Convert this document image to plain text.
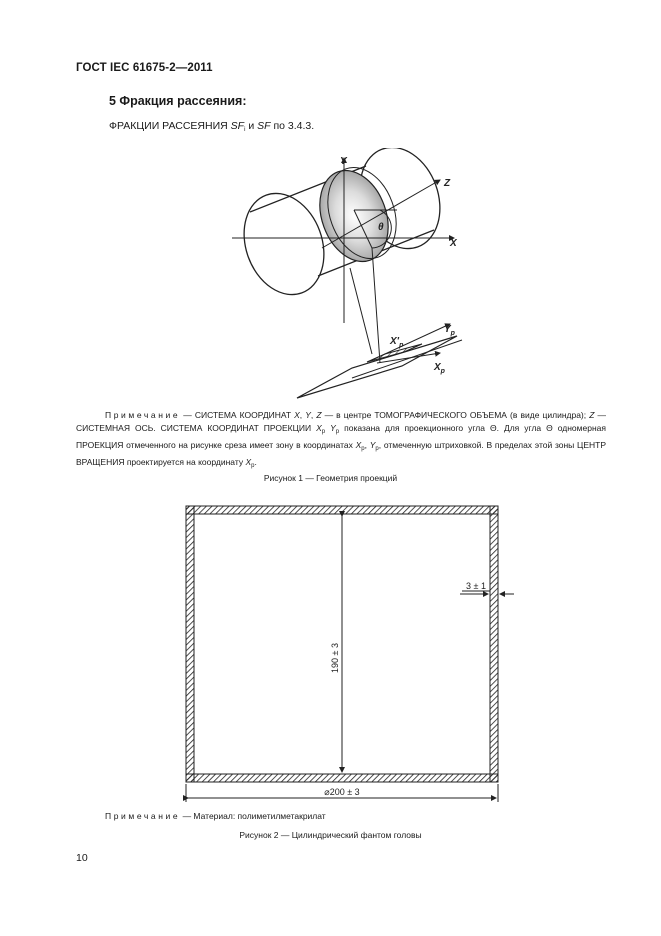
ГОСТ IEC 61675-2—2011
5 Фракция рассеяния:
ФРАКЦИИ РАССЕЯНИЯ $SF_i$ и SF по 3.4.3.
Y
Z
X
θ
$Y_p$
$X'_p$
$X_p$
Примечание — СИСТЕМА КООРДИНАТ X, Y, Z — в центре ТОМОГРАФИЧЕСКОГО ОБЪЕМА (в виде цилиндра); Z — СИСТЕМНАЯ ОСЬ. СИСТЕМА КООРДИНАТ ПРОЕКЦИИ $X_p$ $Y_p$ показана для проекционного угла Θ. Для угла Θ одномерная ПРОЕКЦИЯ отмеченного на рисунке среза имеет зону в координатах $X_p$, $Y_p$, отмеченную штриховкой. В пределах этой зоны ЦЕНТР ВРАЩЕНИЯ проектируется на координату $X_p$.
Рисунок 1 — Геометрия проекций
190 ± 3
3 ± 1
⌀200 ± 3
Примечание — Материал: полиметилметакрилат
Рисунок 2 — Цилиндрический фантом головы
10
